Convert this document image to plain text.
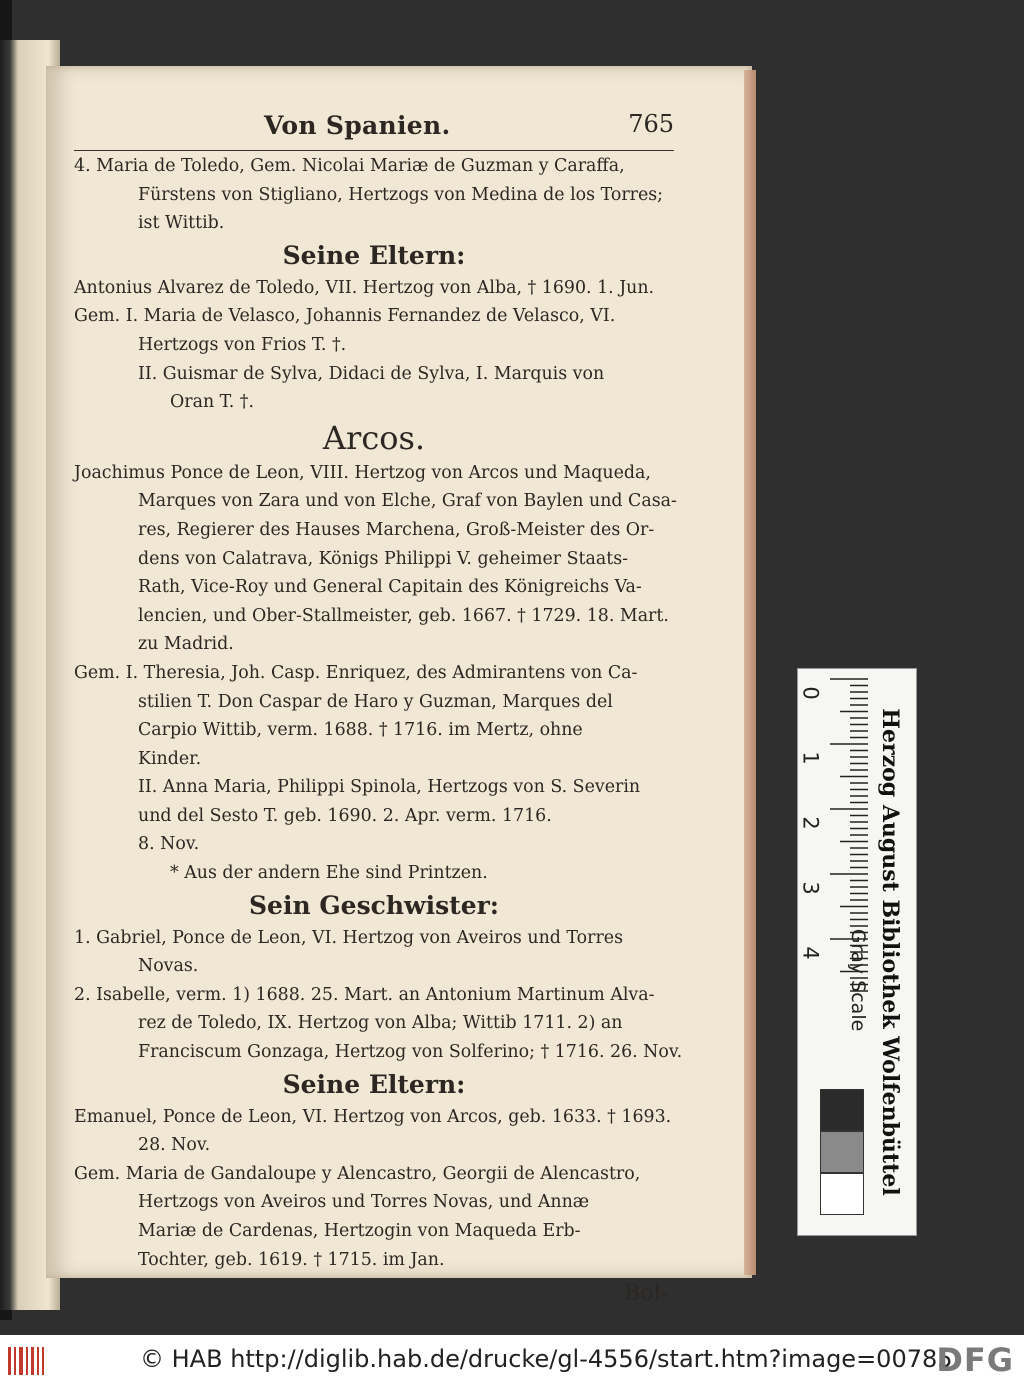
Von Spanien.	765
4. Maria de Toledo, Gem. Nicolai Mariæ de Guzman y Caraffa,
Fürstens von Stigliano, Hertzogs von Medina de los Torres;
ist Wittib.
Seine Eltern:
Antonius Alvarez de Toledo, VII. Hertzog von Alba, † 1690. 1. Jun.
Gem. I. Maria de Velasco, Johannis Fernandez de Velasco, VI.
Hertzogs von Frios T. †.
II. Guismar de Sylva, Didaci de Sylva, I. Marquis von
Oran T. †.
Arcos.
Joachimus Ponce de Leon, VIII. Hertzog von Arcos und Maqueda,
Marques von Zara und von Elche, Graf von Baylen und Casa-
res, Regierer des Hauses Marchena, Groß-Meister des Or-
dens von Calatrava, Königs Philippi V. geheimer Staats-
Rath, Vice-Roy und General Capitain des Königreichs Va-
lencien, und Ober-Stallmeister, geb. 1667. † 1729. 18. Mart.
zu Madrid.
Gem. I. Theresia, Joh. Casp. Enriquez, des Admirantens von Ca-
stilien T. Don Caspar de Haro y Guzman, Marques del
Carpio Wittib, verm. 1688. † 1716. im Mertz, ohne
Kinder.
II. Anna Maria, Philippi Spinola, Hertzogs von S. Severin
und del Sesto T. geb. 1690. 2. Apr. verm. 1716.
8. Nov.
* Aus der andern Ehe sind Printzen.
Sein Geschwister:
1. Gabriel, Ponce de Leon, VI. Hertzog von Aveiros und Torres
Novas.
2. Isabelle, verm. 1) 1688. 25. Mart. an Antonium Martinum Alva-
rez de Toledo, IX. Hertzog von Alba; Wittib 1711. 2) an
Franciscum Gonzaga, Hertzog von Solferino; † 1716. 26. Nov.
Seine Eltern:
Emanuel, Ponce de Leon, VI. Hertzog von Arcos, geb. 1633. † 1693.
28. Nov.
Gem. Maria de Gandaloupe y Alencastro, Georgii de Alencastro,
Hertzogs von Aveiros und Torres Novas, und Annæ
Mariæ de Cardenas, Hertzogin von Maqueda Erb-
Tochter, geb. 1619. † 1715. im Jan.
Bol-
0
1
2
3
4 Gray Scale Herzog August Bibliothek Wolfenbüttel
© HAB http://diglib.hab.de/drucke/gl-4556/start.htm?image=00785
DFG
